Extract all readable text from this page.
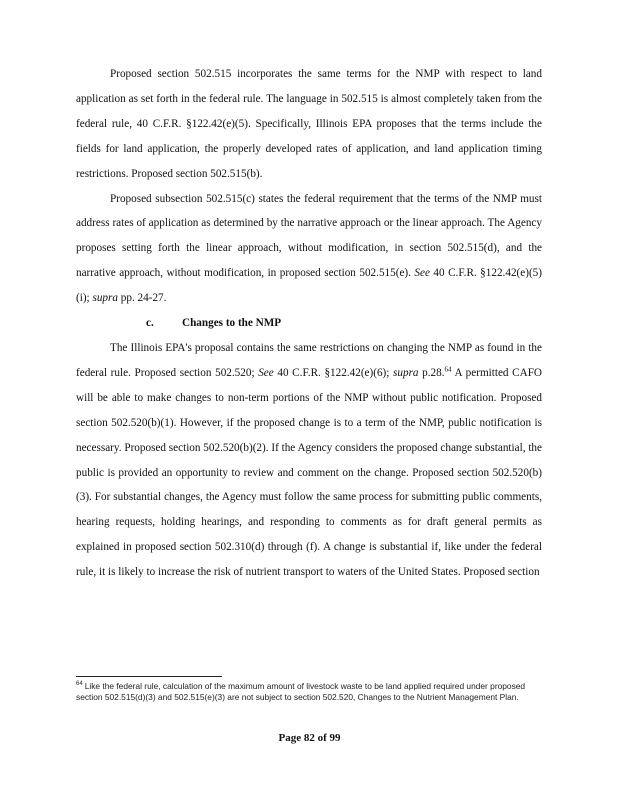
Proposed section 502.515 incorporates the same terms for the NMP with respect to land application as set forth in the federal rule. The language in 502.515 is almost completely taken from the federal rule, 40 C.F.R. §122.42(e)(5). Specifically, Illinois EPA proposes that the terms include the fields for land application, the properly developed rates of application, and land application timing restrictions. Proposed section 502.515(b).

Proposed subsection 502.515(c) states the federal requirement that the terms of the NMP must address rates of application as determined by the narrative approach or the linear approach. The Agency proposes setting forth the linear approach, without modification, in section 502.515(d), and the narrative approach, without modification, in proposed section 502.515(e). See 40 C.F.R. §122.42(e)(5)(i); supra pp. 24-27.

c.	Changes to the NMP

The Illinois EPA's proposal contains the same restrictions on changing the NMP as found in the federal rule. Proposed section 502.520; See 40 C.F.R. §122.42(e)(6); supra p.28.64 A permitted CAFO will be able to make changes to non-term portions of the NMP without public notification. Proposed section 502.520(b)(1). However, if the proposed change is to a term of the NMP, public notification is necessary. Proposed section 502.520(b)(2). If the Agency considers the proposed change substantial, the public is provided an opportunity to review and comment on the change. Proposed section 502.520(b)(3). For substantial changes, the Agency must follow the same process for submitting public comments, hearing requests, holding hearings, and responding to comments as for draft general permits as explained in proposed section 502.310(d) through (f). A change is substantial if, like under the federal rule, it is likely to increase the risk of nutrient transport to waters of the United States. Proposed section

$^{64}$ Like the federal rule, calculation of the maximum amount of livestock waste to be land applied required under proposed section 502.515(d)(3) and 502.515(e)(3) are not subject to section 502.520, Changes to the Nutrient Management Plan.
Page 82 of 99
